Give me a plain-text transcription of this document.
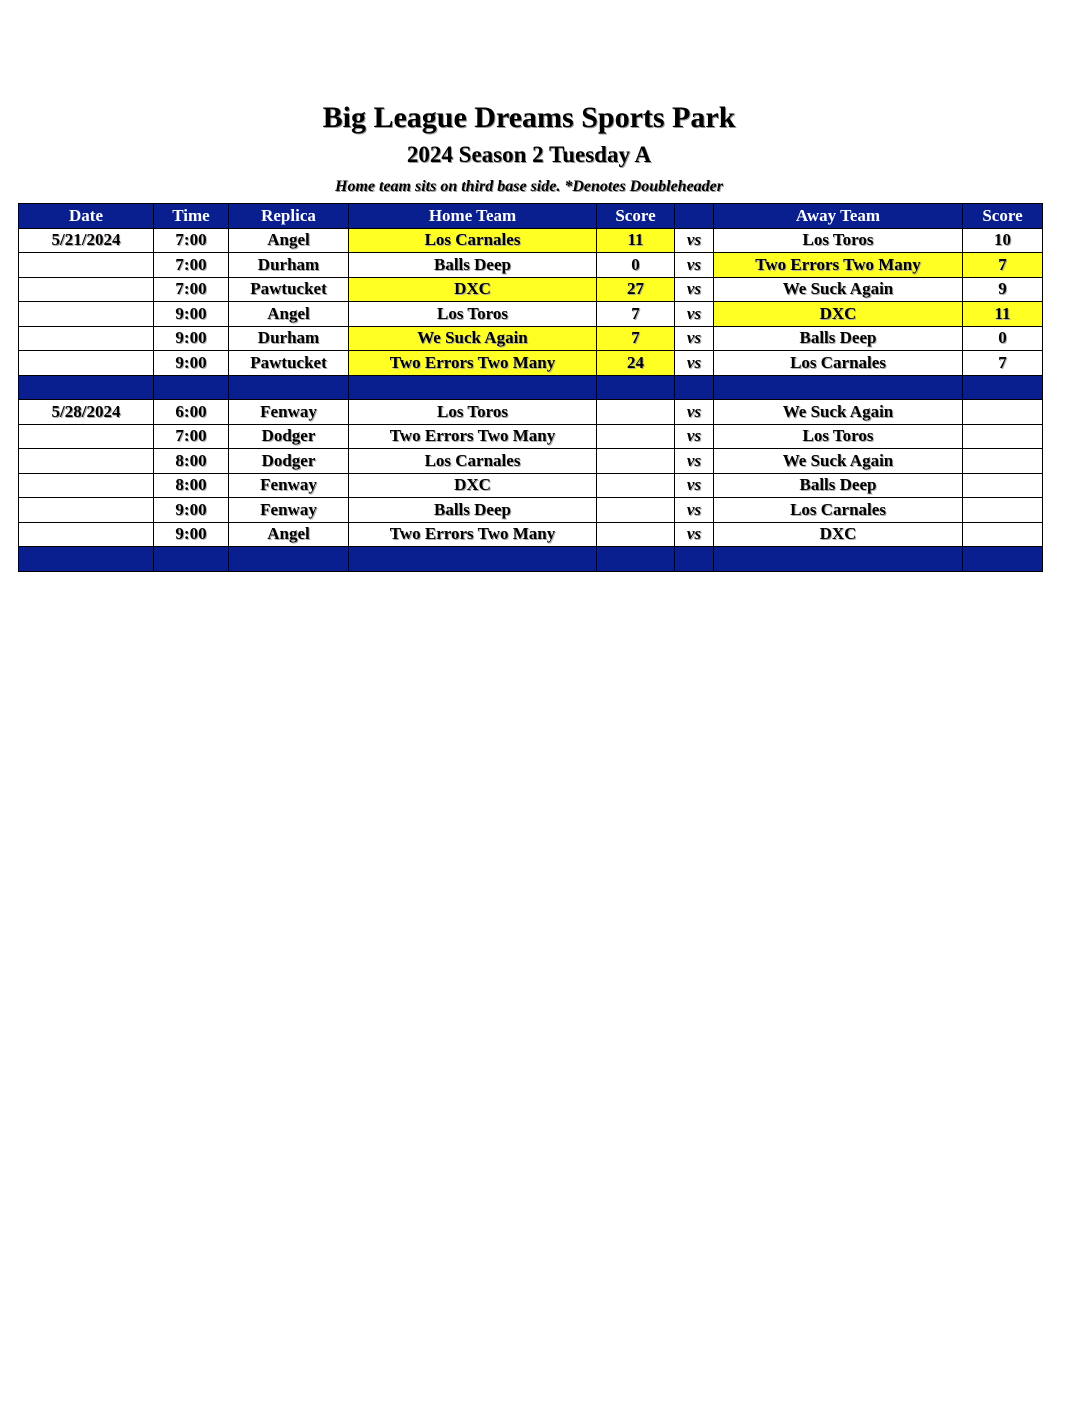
Big League Dreams Sports Park
2024 Season 2 Tuesday A
Home team sits on third base side. *Denotes Doubleheader
Date	Time	Replica	Home Team	Score		Away Team	Score
5/21/2024	7:00	Angel	Los Carnales	11	vs	Los Toros	10
	7:00	Durham	Balls Deep	0	vs	Two Errors Two Many	7
	7:00	Pawtucket	DXC	27	vs	We Suck Again	9
	9:00	Angel	Los Toros	7	vs	DXC	11
	9:00	Durham	We Suck Again	7	vs	Balls Deep	0
	9:00	Pawtucket	Two Errors Two Many	24	vs	Los Carnales	7

5/28/2024	6:00	Fenway	Los Toros		vs	We Suck Again	
	7:00	Dodger	Two Errors Two Many		vs	Los Toros	
	8:00	Dodger	Los Carnales		vs	We Suck Again	
	8:00	Fenway	DXC		vs	Balls Deep	
	9:00	Fenway	Balls Deep		vs	Los Carnales	
	9:00	Angel	Two Errors Two Many		vs	DXC	
